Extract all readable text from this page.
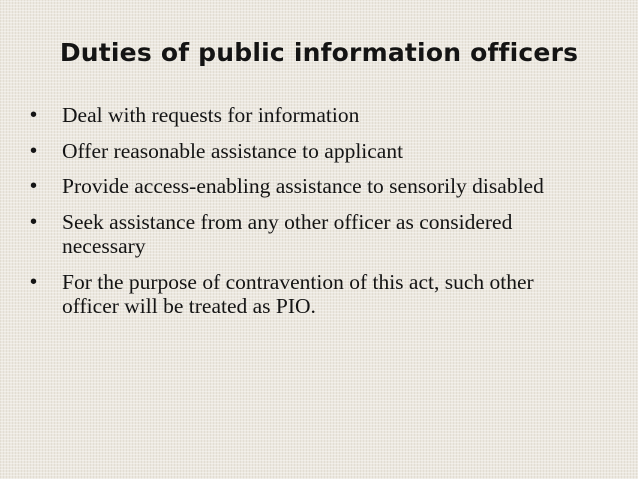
Duties of public information officers
•	Deal with requests for information
•	Offer reasonable assistance to applicant
•	Provide access-enabling assistance to sensorily disabled
•	Seek assistance from any other officer as considered necessary
•	For the purpose of contravention of this act, such other officer will be treated as PIO.
